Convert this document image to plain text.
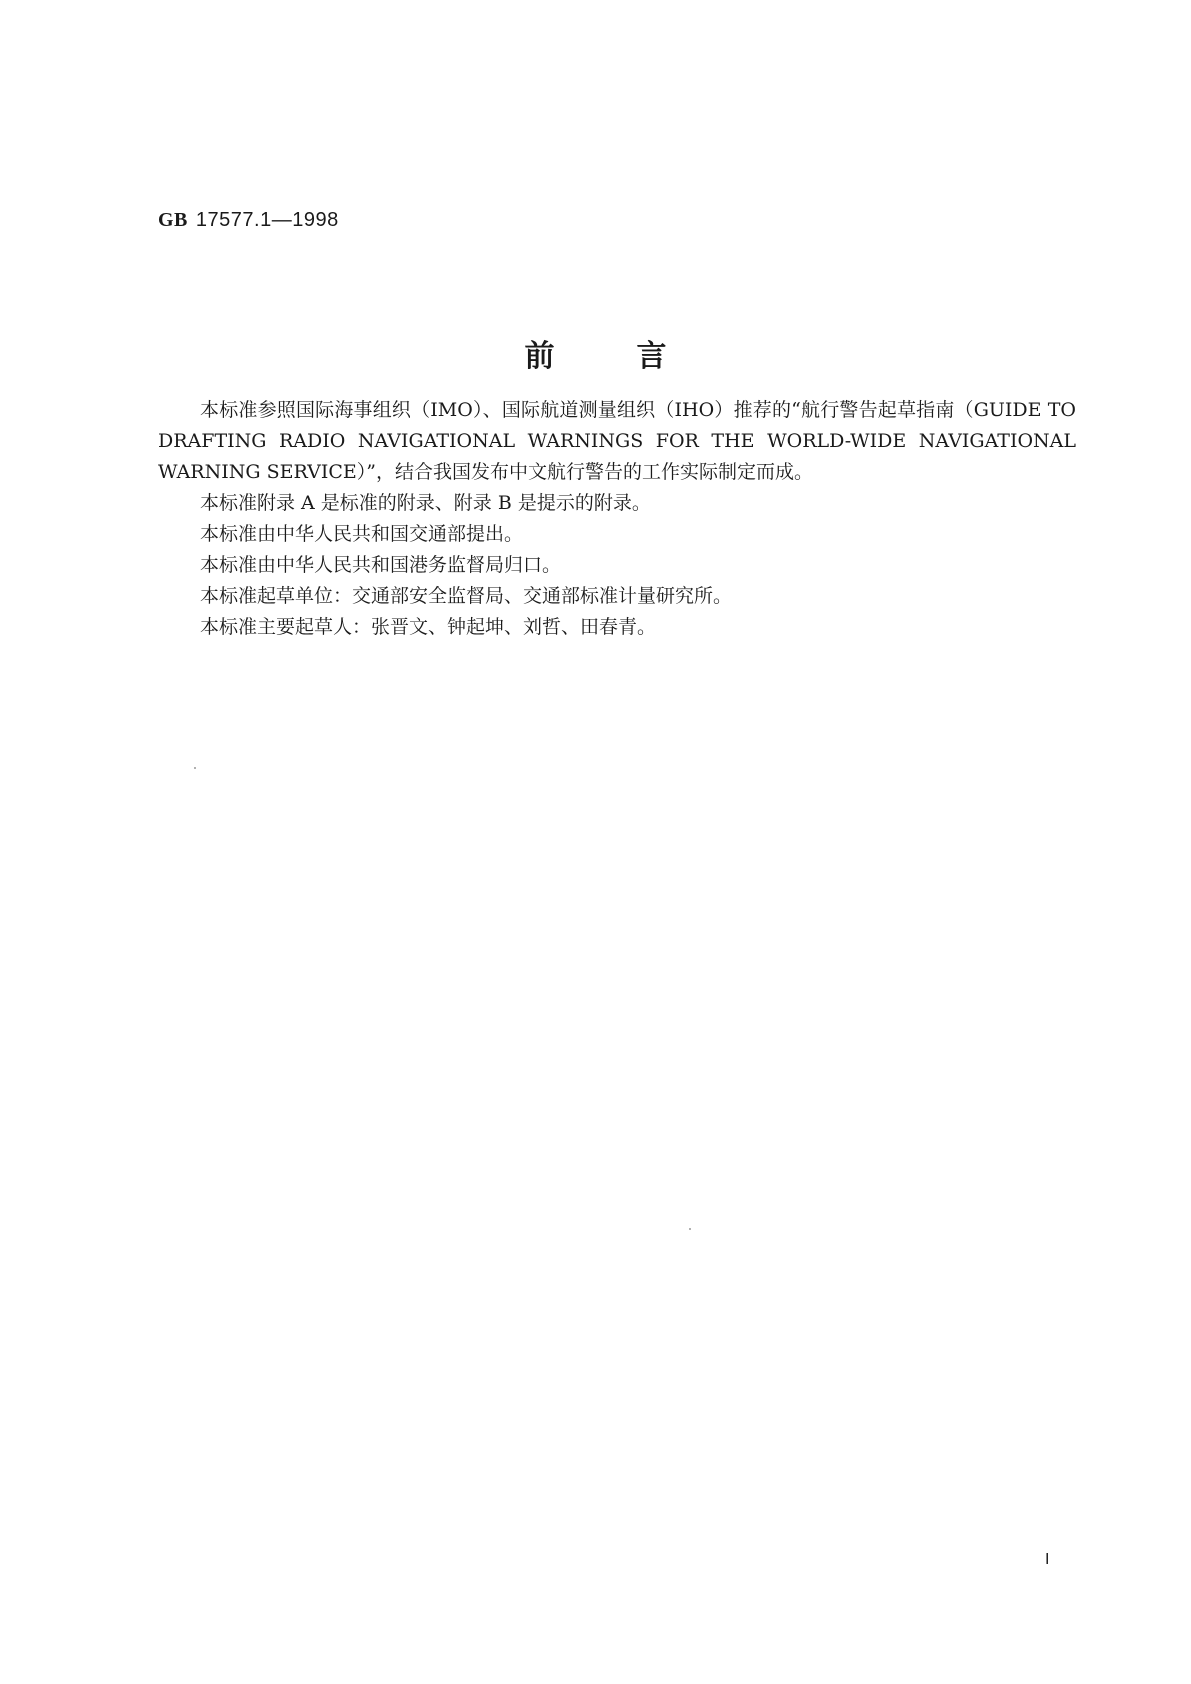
GB 17577.1—1998
前言

本标准参照国际海事组织（IMO）、国际航道测量组织（IHO）推荐的“航行警告起草指南（GUIDE TO DRAFTING RADIO NAVIGATIONAL WARNINGS FOR THE WORLD-WIDE NAVIGATIONAL WARNING SERVICE）”，结合我国发布中文航行警告的工作实际制定而成。

本标准附录 A 是标准的附录、附录 B 是提示的附录。

本标准由中华人民共和国交通部提出。

本标准由中华人民共和国港务监督局归口。

本标准起草单位：交通部安全监督局、交通部标准计量研究所。

本标准主要起草人：张晋文、钟起坤、刘哲、田春青。

I
